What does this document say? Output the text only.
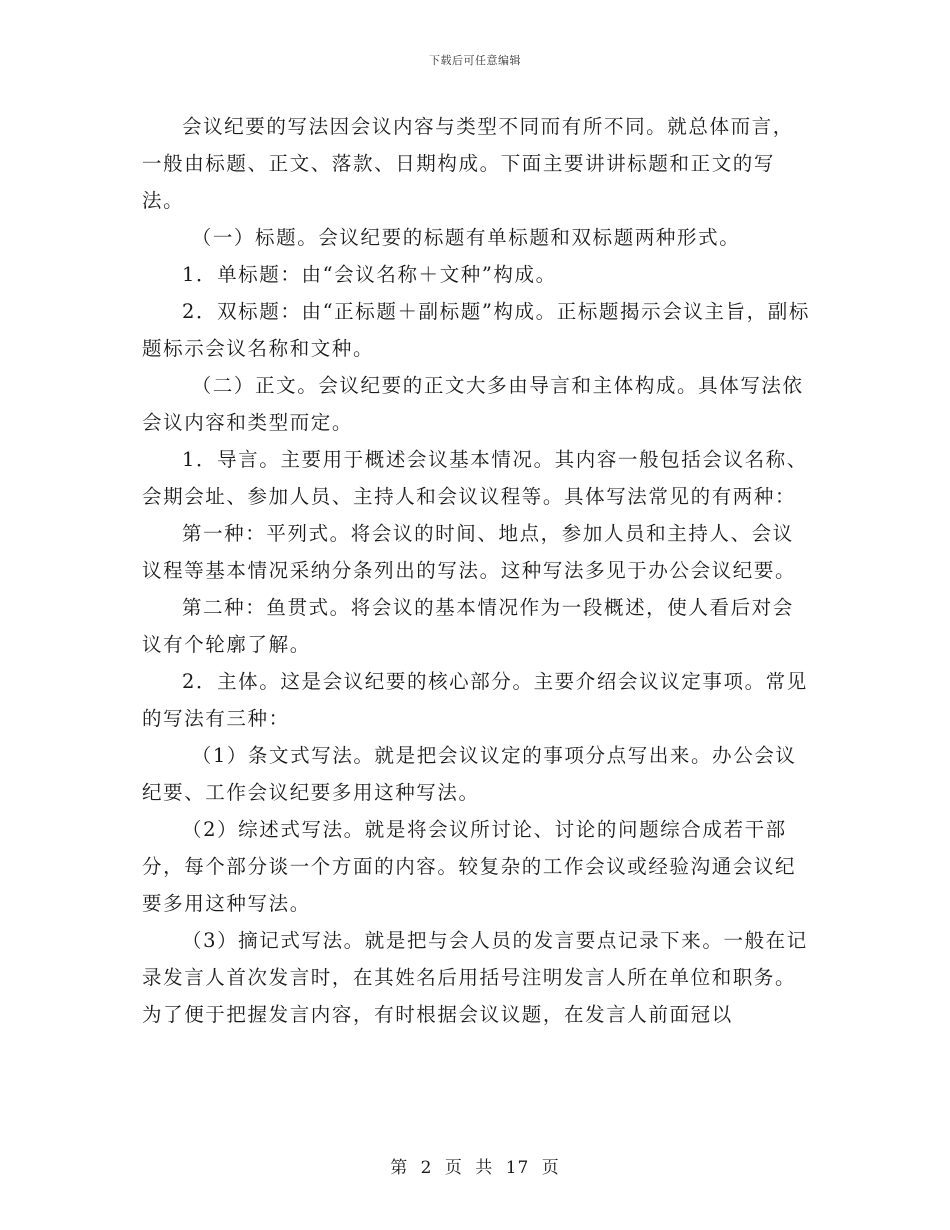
下载后可任意编辑

会议纪要的写法因会议内容与类型不同而有所不同。就总体而言，一般由标题、正文、落款、日期构成。下面主要讲讲标题和正文的写法。

（一）标题。会议纪要的标题有单标题和双标题两种形式。

1．单标题：由“会议名称＋文种”构成。

2．双标题：由“正标题＋副标题”构成。正标题揭示会议主旨，副标题标示会议名称和文种。

（二）正文。会议纪要的正文大多由导言和主体构成。具体写法依会议内容和类型而定。

1．导言。主要用于概述会议基本情况。其内容一般包括会议名称、会期会址、参加人员、主持人和会议议程等。具体写法常见的有两种：

第一种：平列式。将会议的时间、地点，参加人员和主持人、会议议程等基本情况采纳分条列出的写法。这种写法多见于办公会议纪要。

第二种：鱼贯式。将会议的基本情况作为一段概述，使人看后对会议有个轮廓了解。

2．主体。这是会议纪要的核心部分。主要介绍会议议定事项。常见的写法有三种：

（1）条文式写法。就是把会议议定的事项分点写出来。办公会议纪要、工作会议纪要多用这种写法。

（2）综述式写法。就是将会议所讨论、讨论的问题综合成若干部分，每个部分谈一个方面的内容。较复杂的工作会议或经验沟通会议纪要多用这种写法。

（3）摘记式写法。就是把与会人员的发言要点记录下来。一般在记录发言人首次发言时，在其姓名后用括号注明发言人所在单位和职务。为了便于把握发言内容，有时根据会议议题，在发言人前面冠以

第 2 页 共 17 页
